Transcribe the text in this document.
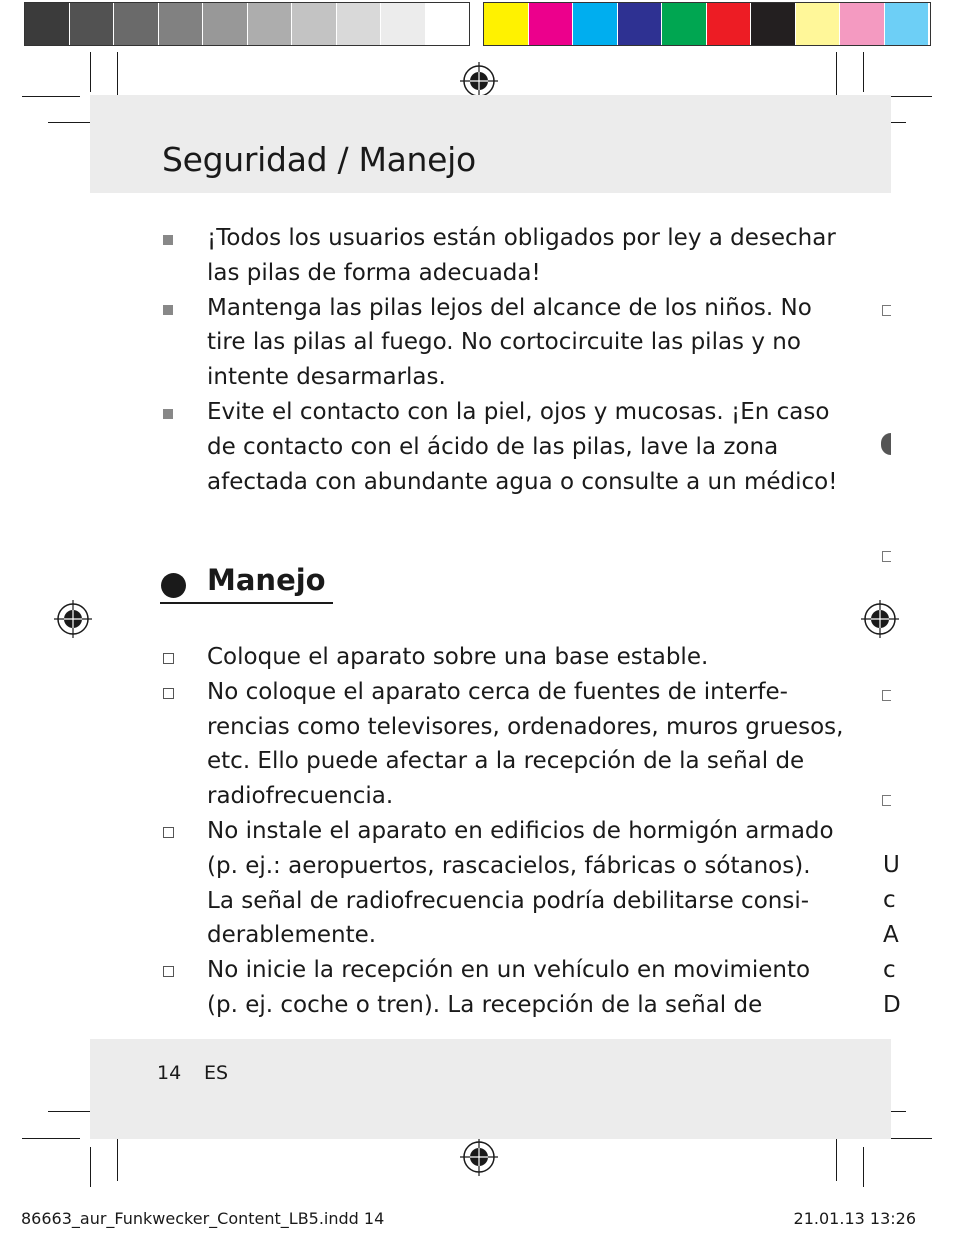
Seguridad / Manejo
¡Todos los usuarios están obligados por ley a desechar
las pilas de forma adecuada!
Mantenga las pilas lejos del alcance de los niños. No
tire las pilas al fuego. No cortocircuite las pilas y no
intente desarmarlas.
Evite el contacto con la piel, ojos y mucosas. ¡En caso
de contacto con el ácido de las pilas, lave la zona
afectada con abundante agua o consulte a un médico!
Manejo
Coloque el aparato sobre una base estable.
No coloque el aparato cerca de fuentes de interfe-
rencias como televisores, ordenadores, muros gruesos,
etc. Ello puede afectar a la recepción de la señal de
radiofrecuencia.
No instale el aparato en edificios de hormigón armado
(p. ej.: aeropuertos, rascacielos, fábricas o sótanos).
La señal de radiofrecuencia podría debilitarse consi-
derablemente.
No inicie la recepción en un vehículo en movimiento
(p. ej. coche o tren). La recepción de la señal de
U
c
A
c
D
14 ES
86663_aur_Funkwecker_Content_LB5.indd 14	21.01.13 13:26
